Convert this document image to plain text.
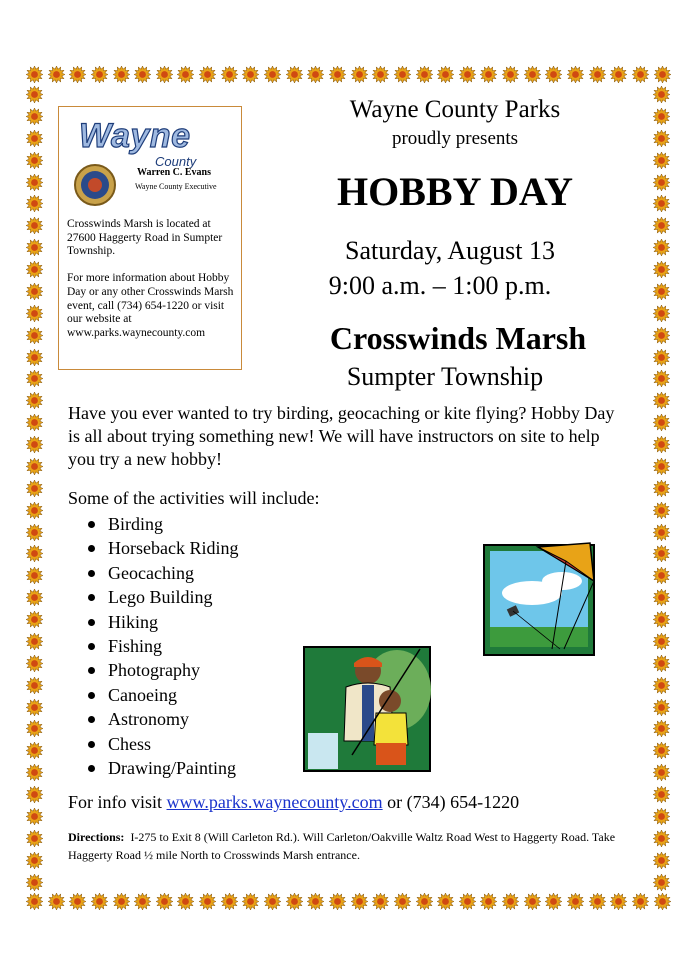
Wayne
County
Warren C. Evans
Wayne County Executive

Crosswinds Marsh is located at 27600 Haggerty Road in Sumpter Township.

For more information about Hobby Day or any other Crosswinds Marsh event, call (734) 654-1220 or visit our website at www.parks.waynecounty.com

Wayne County Parks
proudly presents
HOBBY DAY
Saturday, August 13
9:00 a.m. – 1:00 p.m.
Crosswinds Marsh
Sumpter Township
Have you ever wanted to try birding, geocaching or kite flying? Hobby Day is all about trying something new! We will have instructors on site to help you try a new hobby!
Some of the activities will include:
Birding
Horseback Riding
Geocaching
Lego Building
Hiking
Fishing
Photography
Canoeing
Astronomy
Chess
Drawing/Painting
For info visit www.parks.waynecounty.com or (734) 654-1220
Directions: I-275 to Exit 8 (Will Carleton Rd.). Will Carleton/Oakville Waltz Road West to Haggerty Road. Take Haggerty Road ½ mile North to Crosswinds Marsh entrance.
